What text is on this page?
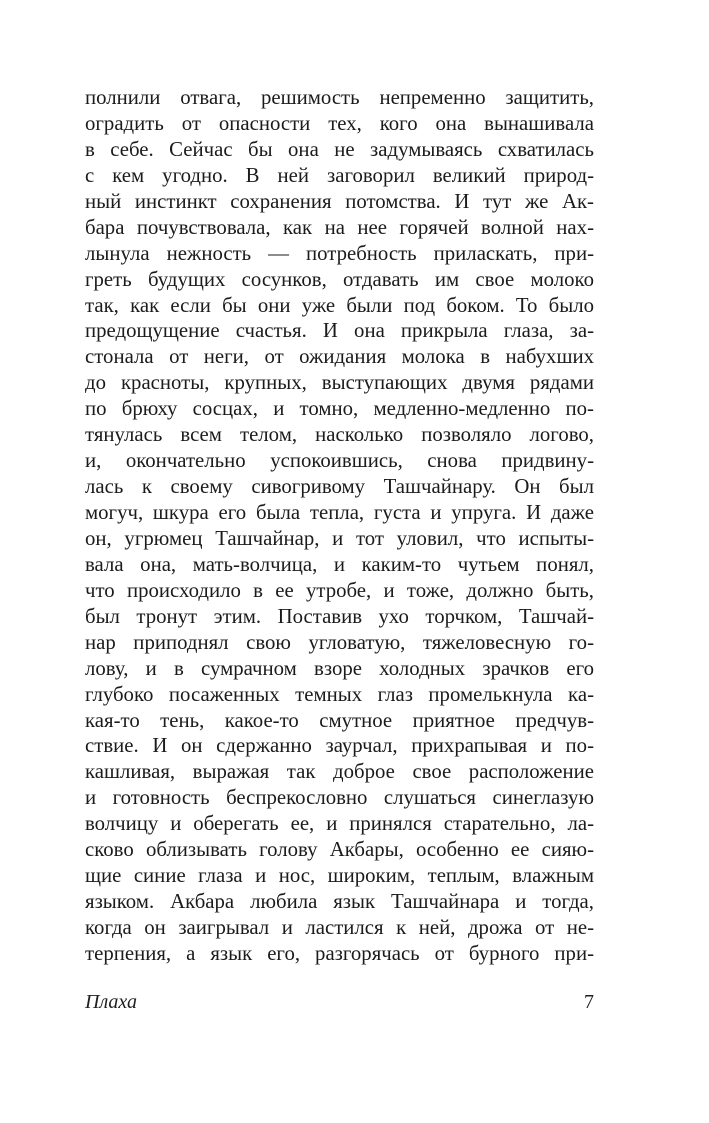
полнили отвага, решимость непременно защитить,
оградить от опасности тех, кого она вынашивала
в себе. Сейчас бы она не задумываясь схватилась
с кем угодно. В ней заговорил великий природ-
ный инстинкт сохранения потомства. И тут же Ак-
бара почувствовала, как на нее горячей волной нах-
лынула нежность — потребность приласкать, при-
греть будущих сосунков, отдавать им свое молоко
так, как если бы они уже были под боком. То было
предощущение счастья. И она прикрыла глаза, за-
стонала от неги, от ожидания молока в набухших
до красноты, крупных, выступающих двумя рядами
по брюху сосцах, и томно, медленно-медленно по-
тянулась всем телом, насколько позволяло логово,
и, окончательно успокоившись, снова придвину-
лась к своему сивогривому Ташчайнару. Он был
могуч, шкура его была тепла, густа и упруга. И даже
он, угрюмец Ташчайнар, и тот уловил, что испыты-
вала она, мать-волчица, и каким-то чутьем понял,
что происходило в ее утробе, и тоже, должно быть,
был тронут этим. Поставив ухо торчком, Ташчай-
нар приподнял свою угловатую, тяжеловесную го-
лову, и в сумрачном взоре холодных зрачков его
глубоко посаженных темных глаз промелькнула ка-
кая-то тень, какое-то смутное приятное предчув-
ствие. И он сдержанно заурчал, прихрапывая и по-
кашливая, выражая так доброе свое расположение
и готовность беспрекословно слушаться синеглазую
волчицу и оберегать ее, и принялся старательно, ла-
сково облизывать голову Акбары, особенно ее сияю-
щие синие глаза и нос, широким, теплым, влажным
языком. Акбара любила язык Ташчайнара и тогда,
когда он заигрывал и ластился к ней, дрожа от не-
терпения, а язык его, разгорячась от бурного при-
Плаха	7
